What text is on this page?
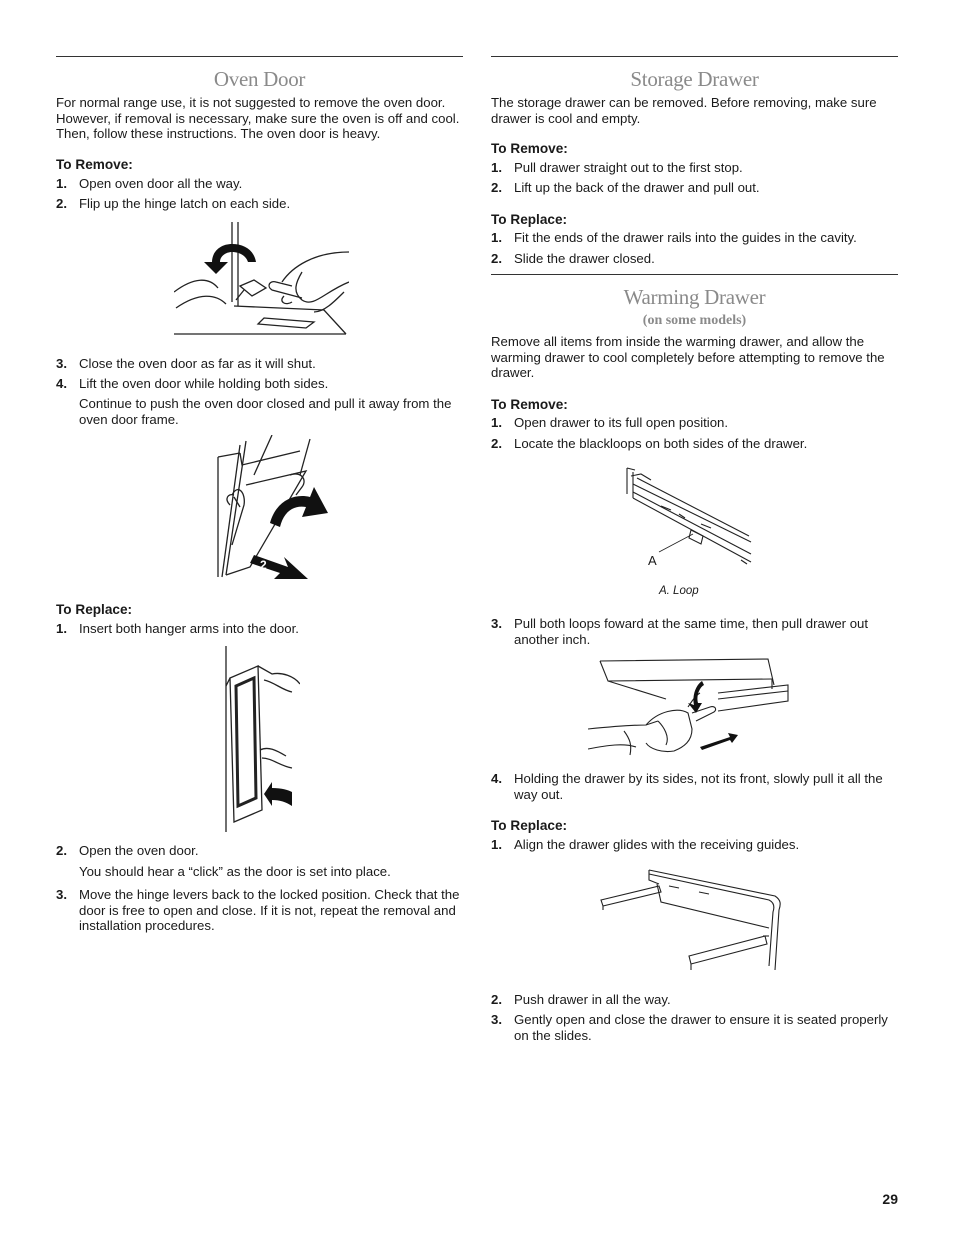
Oven Door
For normal range use, it is not suggested to remove the oven door. However, if removal is necessary, make sure the oven is off and cool. Then, follow these instructions. The oven door is heavy.
To Remove:
1. Open oven door all the way.
2. Flip up the hinge latch on each side.
3. Close the oven door as far as it will shut.
4. Lift the oven door while holding both sides.
Continue to push the oven door closed and pull it away from the oven door frame.
1
2
To Replace:
1. Insert both hanger arms into the door.
2. Open the oven door.
You should hear a “click” as the door is set into place.
3. Move the hinge levers back to the locked position. Check that the door is free to open and close. If it is not, repeat the removal and installation procedures.
Storage Drawer
The storage drawer can be removed. Before removing, make sure drawer is cool and empty.
To Remove:
1. Pull drawer straight out to the first stop.
2. Lift up the back of the drawer and pull out.
To Replace:
1. Fit the ends of the drawer rails into the guides in the cavity.
2. Slide the drawer closed.
Warming Drawer
(on some models)
Remove all items from inside the warming drawer, and allow the warming drawer to cool completely before attempting to remove the drawer.
To Remove:
1. Open drawer to its full open position.
2. Locate the blackloops on both sides of the drawer.
A
A. Loop
3. Pull both loops foward at the same time, then pull drawer out another inch.
4. Holding the drawer by its sides, not its front, slowly pull it all the way out.
To Replace:
1. Align the drawer glides with the receiving guides.
2. Push drawer in all the way.
3. Gently open and close the drawer to ensure it is seated properly on the slides.
29
